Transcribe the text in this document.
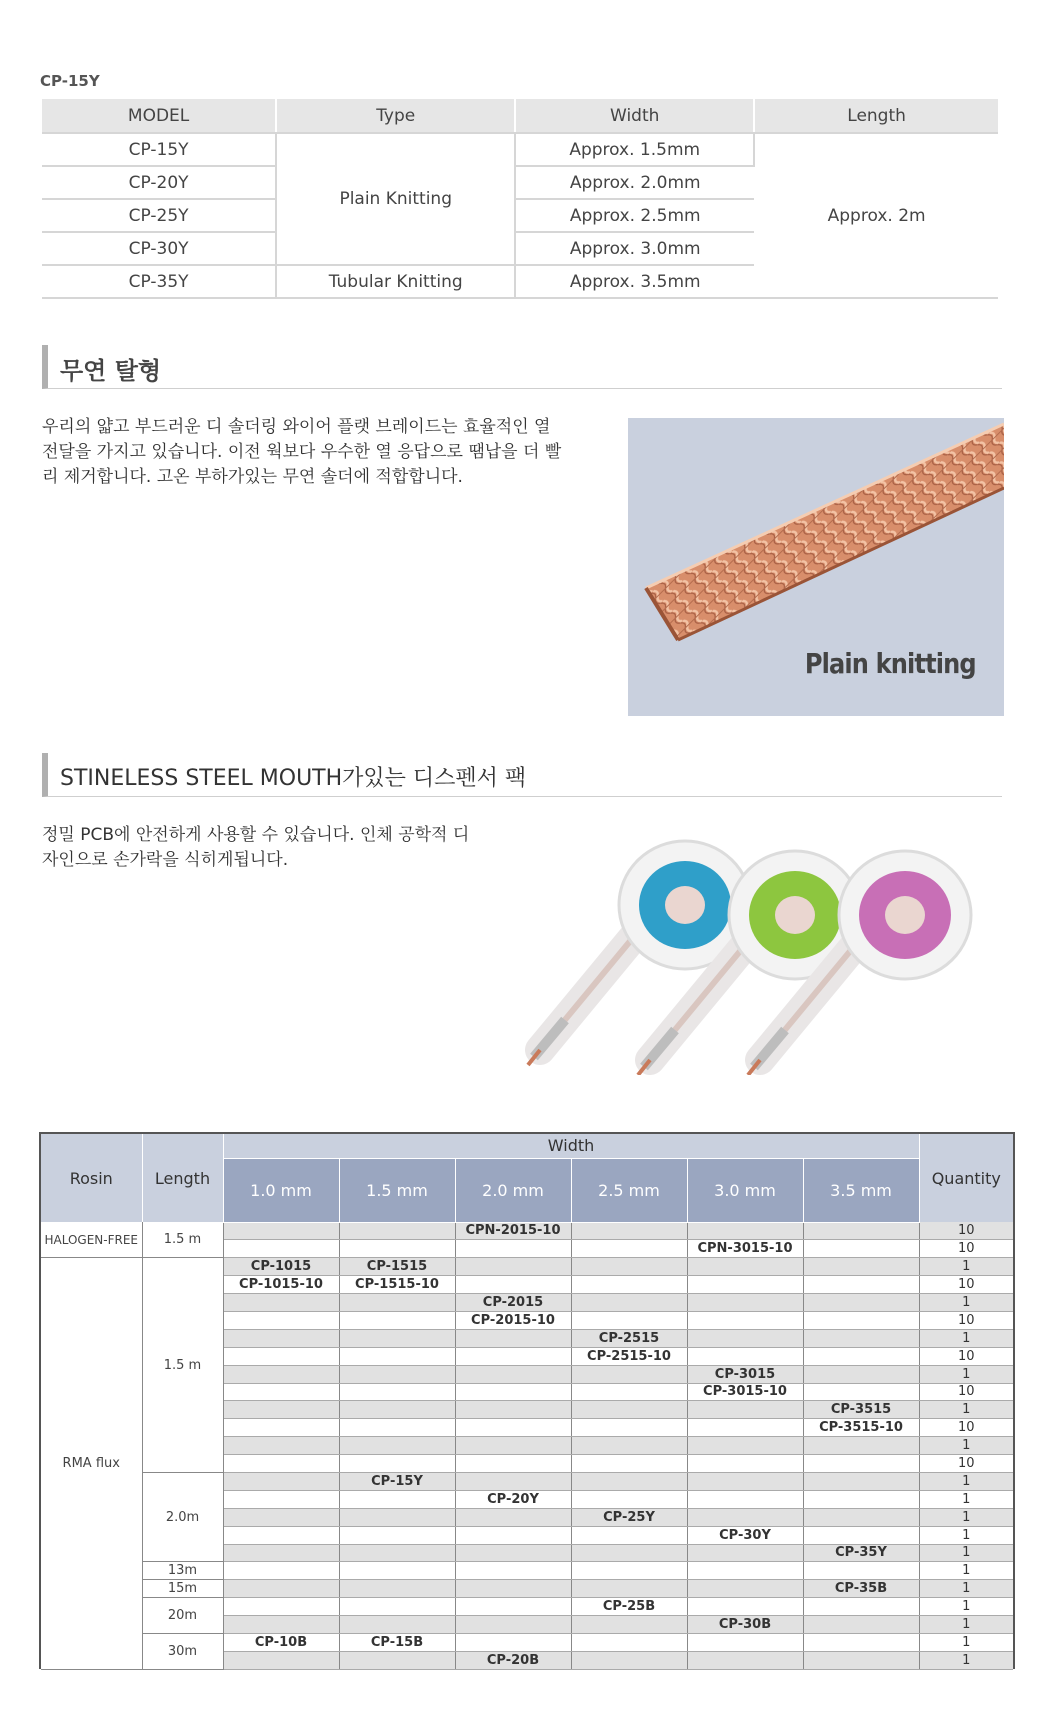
CP-15Y
MODEL	Type	Width	Length
CP-15Y	Plain Knitting	Approx. 1.5mm	Approx. 2m
CP-20Y		Approx. 2.0mm	
CP-25Y		Approx. 2.5mm	
CP-30Y		Approx. 3.0mm	
CP-35Y	Tubular Knitting	Approx. 3.5mm	
무연 탈형
우리의 얇고 부드러운 디 솔더링 와이어 플랫 브레이드는 효율적인 열
전달을 가지고 있습니다. 이전 웍보다 우수한 열 응답으로 땜납을 더 빨
리 제거합니다. 고온 부하가있는 무연 솔더에 적합합니다.
Plain knitting
STINELESS STEEL MOUTH가있는 디스펜서 팩
정밀 PCB에 안전하게 사용할 수 있습니다. 인체 공학적 디
자인으로 손가락을 식히게됩니다.
Rosin	Length	Width						Quantity
		1.0 mm	1.5 mm	2.0 mm	2.5 mm	3.0 mm	3.5 mm	
HALOGEN-FREE	1.5 m			CPN-2015-10				10
						CPN-3015-10		10
RMA flux	1.5 m	CP-1015	CP-1515					1
		CP-1015-10	CP-1515-10					10
				CP-2015				1
				CP-2015-10				10
					CP-2515			1
					CP-2515-10			10
						CP-3015		1
						CP-3015-10		10
							CP-3515	1
							CP-3515-10	10
								1
								10
	2.0m		CP-15Y					1
				CP-20Y				1
					CP-25Y			1
						CP-30Y		1
							CP-35Y	1
	13m							1
	15m						CP-35B	1
	20m				CP-25B			1
						CP-30B		1
	30m	CP-10B	CP-15B					1
				CP-20B				1
